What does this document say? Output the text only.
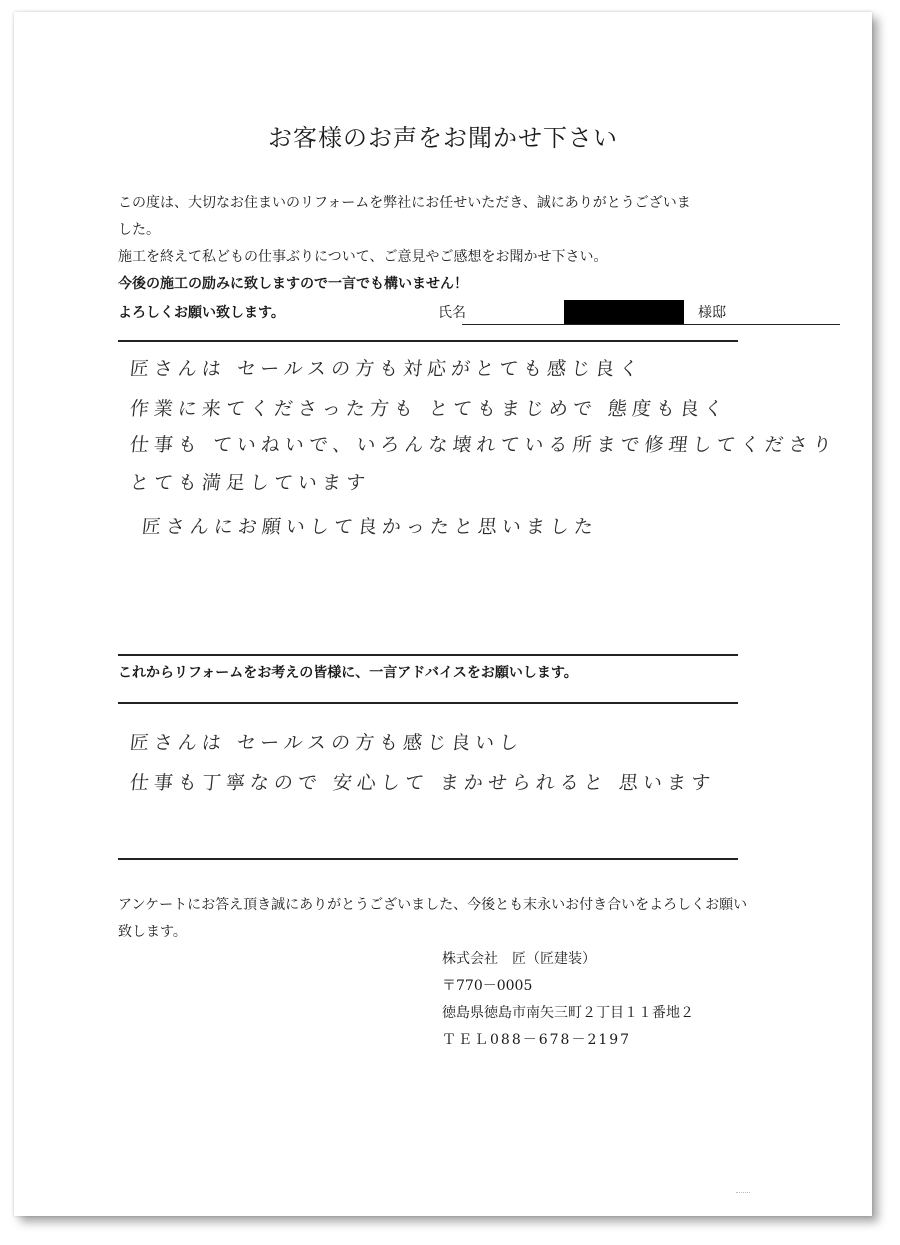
お客様のお声をお聞かせ下さい
この度は、大切なお住まいのリフォームを弊社にお任せいただき、誠にありがとうございま
した。
施工を終えて私どもの仕事ぶりについて、ご意見やご感想をお聞かせ下さい。
今後の施工の励みに致しますので一言でも構いません！
よろしくお願い致します。	氏名	様邸
匠さんは セールスの方も対応がとても感じ良く
作業に来てくださった方も とてもまじめで 態度も良く
仕事も ていねいで、いろんな壊れている所まで修理してくださり
とても満足しています
匠さんにお願いして良かったと思いました
これからリフォームをお考えの皆様に、一言アドバイスをお願いします。
匠さんは セールスの方も感じ良いし
仕事も丁寧なので 安心して まかせられると 思います
アンケートにお答え頂き誠にありがとうございました、今後とも末永いお付き合いをよろしくお願い致します。
株式会社　匠（匠建装）
〒770－0005
徳島県徳島市南矢三町２丁目１１番地２
ＴＥＬ088－678－2197
